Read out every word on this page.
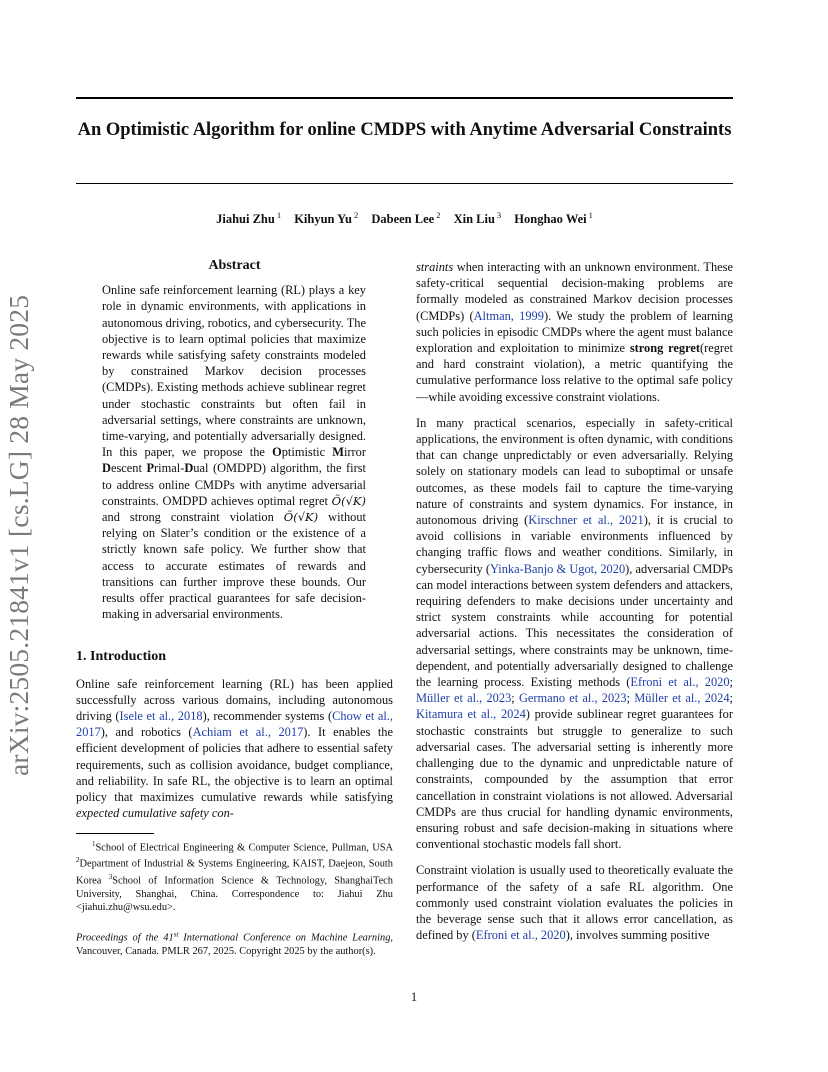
An Optimistic Algorithm for online CMDPS with Anytime Adversarial Constraints

Jiahui Zhu $^1$ Kihyun Yu $^2$ Dabeen Lee $^2$ Xin Liu $^3$ Honghao Wei $^1$

arXiv:2505.21841v1 [cs.LG] 28 May 2025
Abstract

Online safe reinforcement learning (RL) plays a key role in dynamic environments, with applications in autonomous driving, robotics, and cybersecurity. The objective is to learn optimal policies that maximize rewards while satisfying safety constraints modeled by constrained Markov decision processes (CMDPs). Existing methods achieve sublinear regret under stochastic constraints but often fail in adversarial settings, where constraints are unknown, time-varying, and potentially adversarially designed. In this paper, we propose the Optimistic Mirror Descent Primal-Dual (OMDPD) algorithm, the first to address online CMDPs with anytime adversarial constraints. OMDPD achieves optimal regret Õ(√K) and strong constraint violation Õ(√K) without relying on Slater’s condition or the existence of a strictly known safe policy. We further show that access to accurate estimates of rewards and transitions can further improve these bounds. Our results offer practical guarantees for safe decision-making in adversarial environments.

1. Introduction

Online safe reinforcement learning (RL) has been applied successfully across various domains, including autonomous driving (Isele et al., 2018), recommender systems (Chow et al., 2017), and robotics (Achiam et al., 2017). It enables the efficient development of policies that adhere to essential safety requirements, such as collision avoidance, budget compliance, and reliability. In safe RL, the objective is to learn an optimal policy that maximizes cumulative rewards while satisfying expected cumulative safety con-

$^1$School of Electrical Engineering & Computer Science, Pullman, USA $^2$Department of Industrial & Systems Engineering, KAIST, Daejeon, South Korea $^3$School of Information Science & Technology, ShanghaiTech University, Shanghai, China. Correspondence to: Jiahui Zhu <jiahui.zhu@wsu.edu>.

Proceedings of the 41st International Conference on Machine Learning, Vancouver, Canada. PMLR 267, 2025. Copyright 2025 by the author(s).

straints when interacting with an unknown environment. These safety-critical sequential decision-making problems are formally modeled as constrained Markov decision processes (CMDPs) (Altman, 1999). We study the problem of learning such policies in episodic CMDPs where the agent must balance exploration and exploitation to minimize strong regret(regret and hard constraint violation), a metric quantifying the cumulative performance loss relative to the optimal safe policy—while avoiding excessive constraint violations.

In many practical scenarios, especially in safety-critical applications, the environment is often dynamic, with conditions that can change unpredictably or even adversarially. Relying solely on stationary models can lead to suboptimal or unsafe outcomes, as these models fail to capture the time-varying nature of constraints and system dynamics. For instance, in autonomous driving (Kirschner et al., 2021), it is crucial to avoid collisions in variable environments influenced by changing traffic flows and weather conditions. Similarly, in cybersecurity (Yinka-Banjo & Ugot, 2020), adversarial CMDPs can model interactions between system defenders and attackers, requiring defenders to make decisions under uncertainty and strict system constraints while accounting for potential adversarial actions. This necessitates the consideration of adversarial settings, where constraints may be unknown, time-dependent, and potentially adversarially designed to challenge the learning process. Existing methods (Efroni et al., 2020; Müller et al., 2023; Germano et al., 2023; Müller et al., 2024; Kitamura et al., 2024) provide sublinear regret guarantees for stochastic constraints but struggle to generalize to such adversarial cases. The adversarial setting is inherently more challenging due to the dynamic and unpredictable nature of constraints, compounded by the assumption that error cancellation in constraint violations is not allowed. Adversarial CMDPs are thus crucial for handling dynamic environments, ensuring robust and safe decision-making in situations where conventional stochastic models fall short.

Constraint violation is usually used to theoretically evaluate the performance of the safety of a safe RL algorithm. One commonly used constraint violation evaluates the policies in the beverage sense such that it allows error cancellation, as defined by (Efroni et al., 2020), involves summing positive

1
